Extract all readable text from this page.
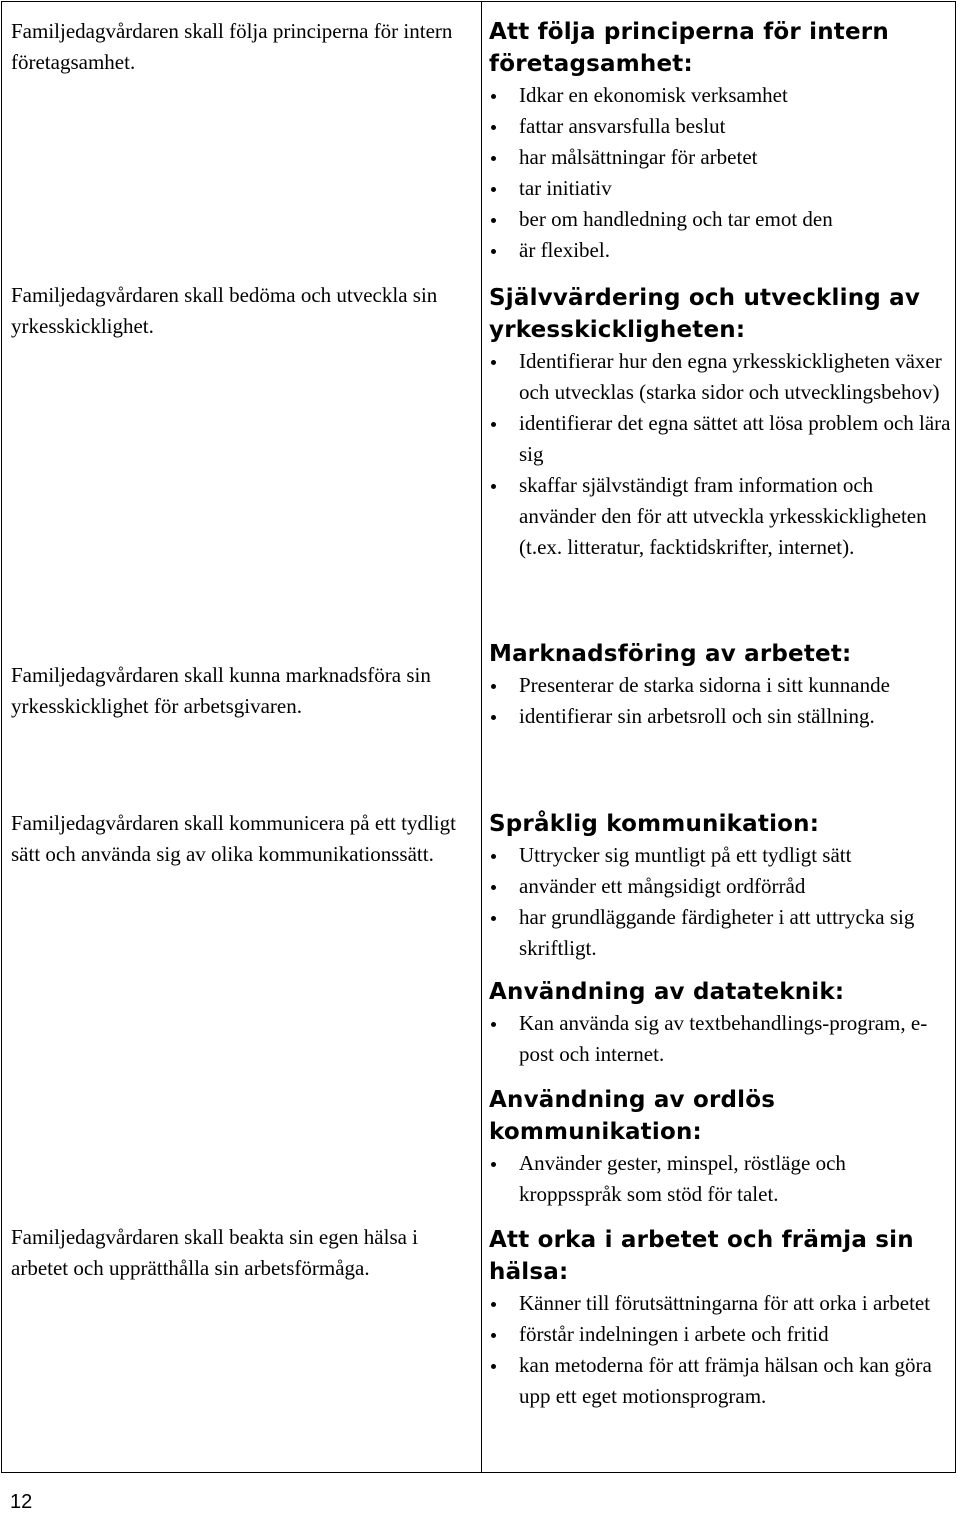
Familjedagvårdaren skall följa principerna för intern företagsamhet.

Familjedagvårdaren skall bedöma och utveckla sin yrkesskicklighet.

Familjedagvårdaren skall kunna marknadsföra sin yrkesskicklighet för arbetsgivaren.

Familjedagvårdaren skall kommunicera på ett tydligt sätt och använda sig av olika kommunikationssätt.

Familjedagvårdaren skall beakta sin egen hälsa i arbetet och upprätthålla sin arbetsförmåga.

Att följa principerna för intern företagsamhet:

Idkar en ekonomisk verksamhet
fattar ansvarsfulla beslut
har målsättningar för arbetet
tar initiativ
ber om handledning och tar emot den
är flexibel.

Självvärdering och utveckling av yrkesskickligheten:

Identifierar hur den egna yrkesskickligheten växer och utvecklas (starka sidor och utvecklingsbehov)
identifierar det egna sättet att lösa problem och lära sig
skaffar självständigt fram information och använder den för att utveckla yrkesskickligheten (t.ex. litteratur, facktidskrifter, internet).

Marknadsföring av arbetet:

Presenterar de starka sidorna i sitt kunnande
identifierar sin arbetsroll och sin ställning.

Språklig kommunikation:

Uttrycker sig muntligt på ett tydligt sätt
använder ett mångsidigt ordförråd
har grundläggande färdigheter i att uttrycka sig skriftligt.

Användning av datateknik:

Kan använda sig av textbehandlings-program, e-post och internet.

Användning av ordlös kommunikation:

Använder gester, minspel, röstläge och kroppsspråk som stöd för talet.

Att orka i arbetet och främja sin hälsa:

Känner till förutsättningarna för att orka i arbetet
förstår indelningen i arbete och fritid
kan metoderna för att främja hälsan och kan göra upp ett eget motionsprogram.
12
